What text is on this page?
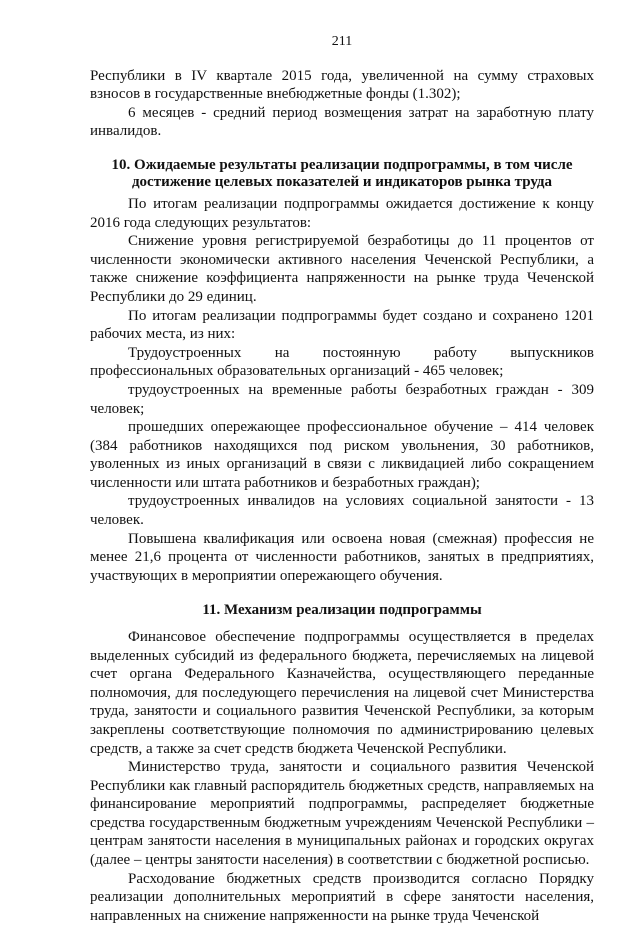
211

Республики в IV квартале 2015 года, увеличенной на сумму страховых взносов в государственные внебюджетные фонды (1.302);

6 месяцев - средний период возмещения затрат на заработную плату инвалидов.

10. Ожидаемые результаты реализации подпрограммы, в том числе
достижение целевых показателей и индикаторов рынка труда

По итогам реализации подпрограммы ожидается достижение к концу 2016 года следующих результатов:

Снижение уровня регистрируемой безработицы до 11 процентов от численности экономически активного населения Чеченской Республики, а также снижение коэффициента напряженности на рынке труда Чеченской Республики до 29 единиц.

По итогам реализации подпрограммы будет создано и сохранено 1201 рабочих места, из них:

Трудоустроенных на постоянную работу выпускников профессиональных образовательных организаций - 465 человек;

трудоустроенных на временные работы безработных граждан - 309 человек;

прошедших опережающее профессиональное обучение – 414 человек (384 работников находящихся под риском увольнения, 30 работников, уволенных из иных организаций в связи с ликвидацией либо сокращением численности или штата работников и безработных граждан);

трудоустроенных инвалидов на условиях социальной занятости - 13 человек.

Повышена квалификация или освоена новая (смежная) профессия не менее 21,6 процента от численности работников, занятых в предприятиях, участвующих в мероприятии опережающего обучения.

11. Механизм реализации подпрограммы

Финансовое обеспечение подпрограммы осуществляется в пределах выделенных субсидий из федерального бюджета, перечисляемых на лицевой счет органа Федерального Казначейства, осуществляющего переданные полномочия, для последующего перечисления на лицевой счет Министерства труда, занятости и социального развития Чеченской Республики, за которым закреплены соответствующие полномочия по администрированию целевых средств, а также за счет средств бюджета Чеченской Республики.

Министерство труда, занятости и социального развития Чеченской Республики как главный распорядитель бюджетных средств, направляемых на финансирование мероприятий подпрограммы, распределяет бюджетные средства государственным бюджетным учреждениям Чеченской Республики – центрам занятости населения в муниципальных районах и городских округах (далее – центры занятости населения) в соответствии с бюджетной росписью.

Расходование бюджетных средств производится согласно Порядку реализации дополнительных мероприятий в сфере занятости населения, направленных на снижение напряженности на рынке труда Чеченской
